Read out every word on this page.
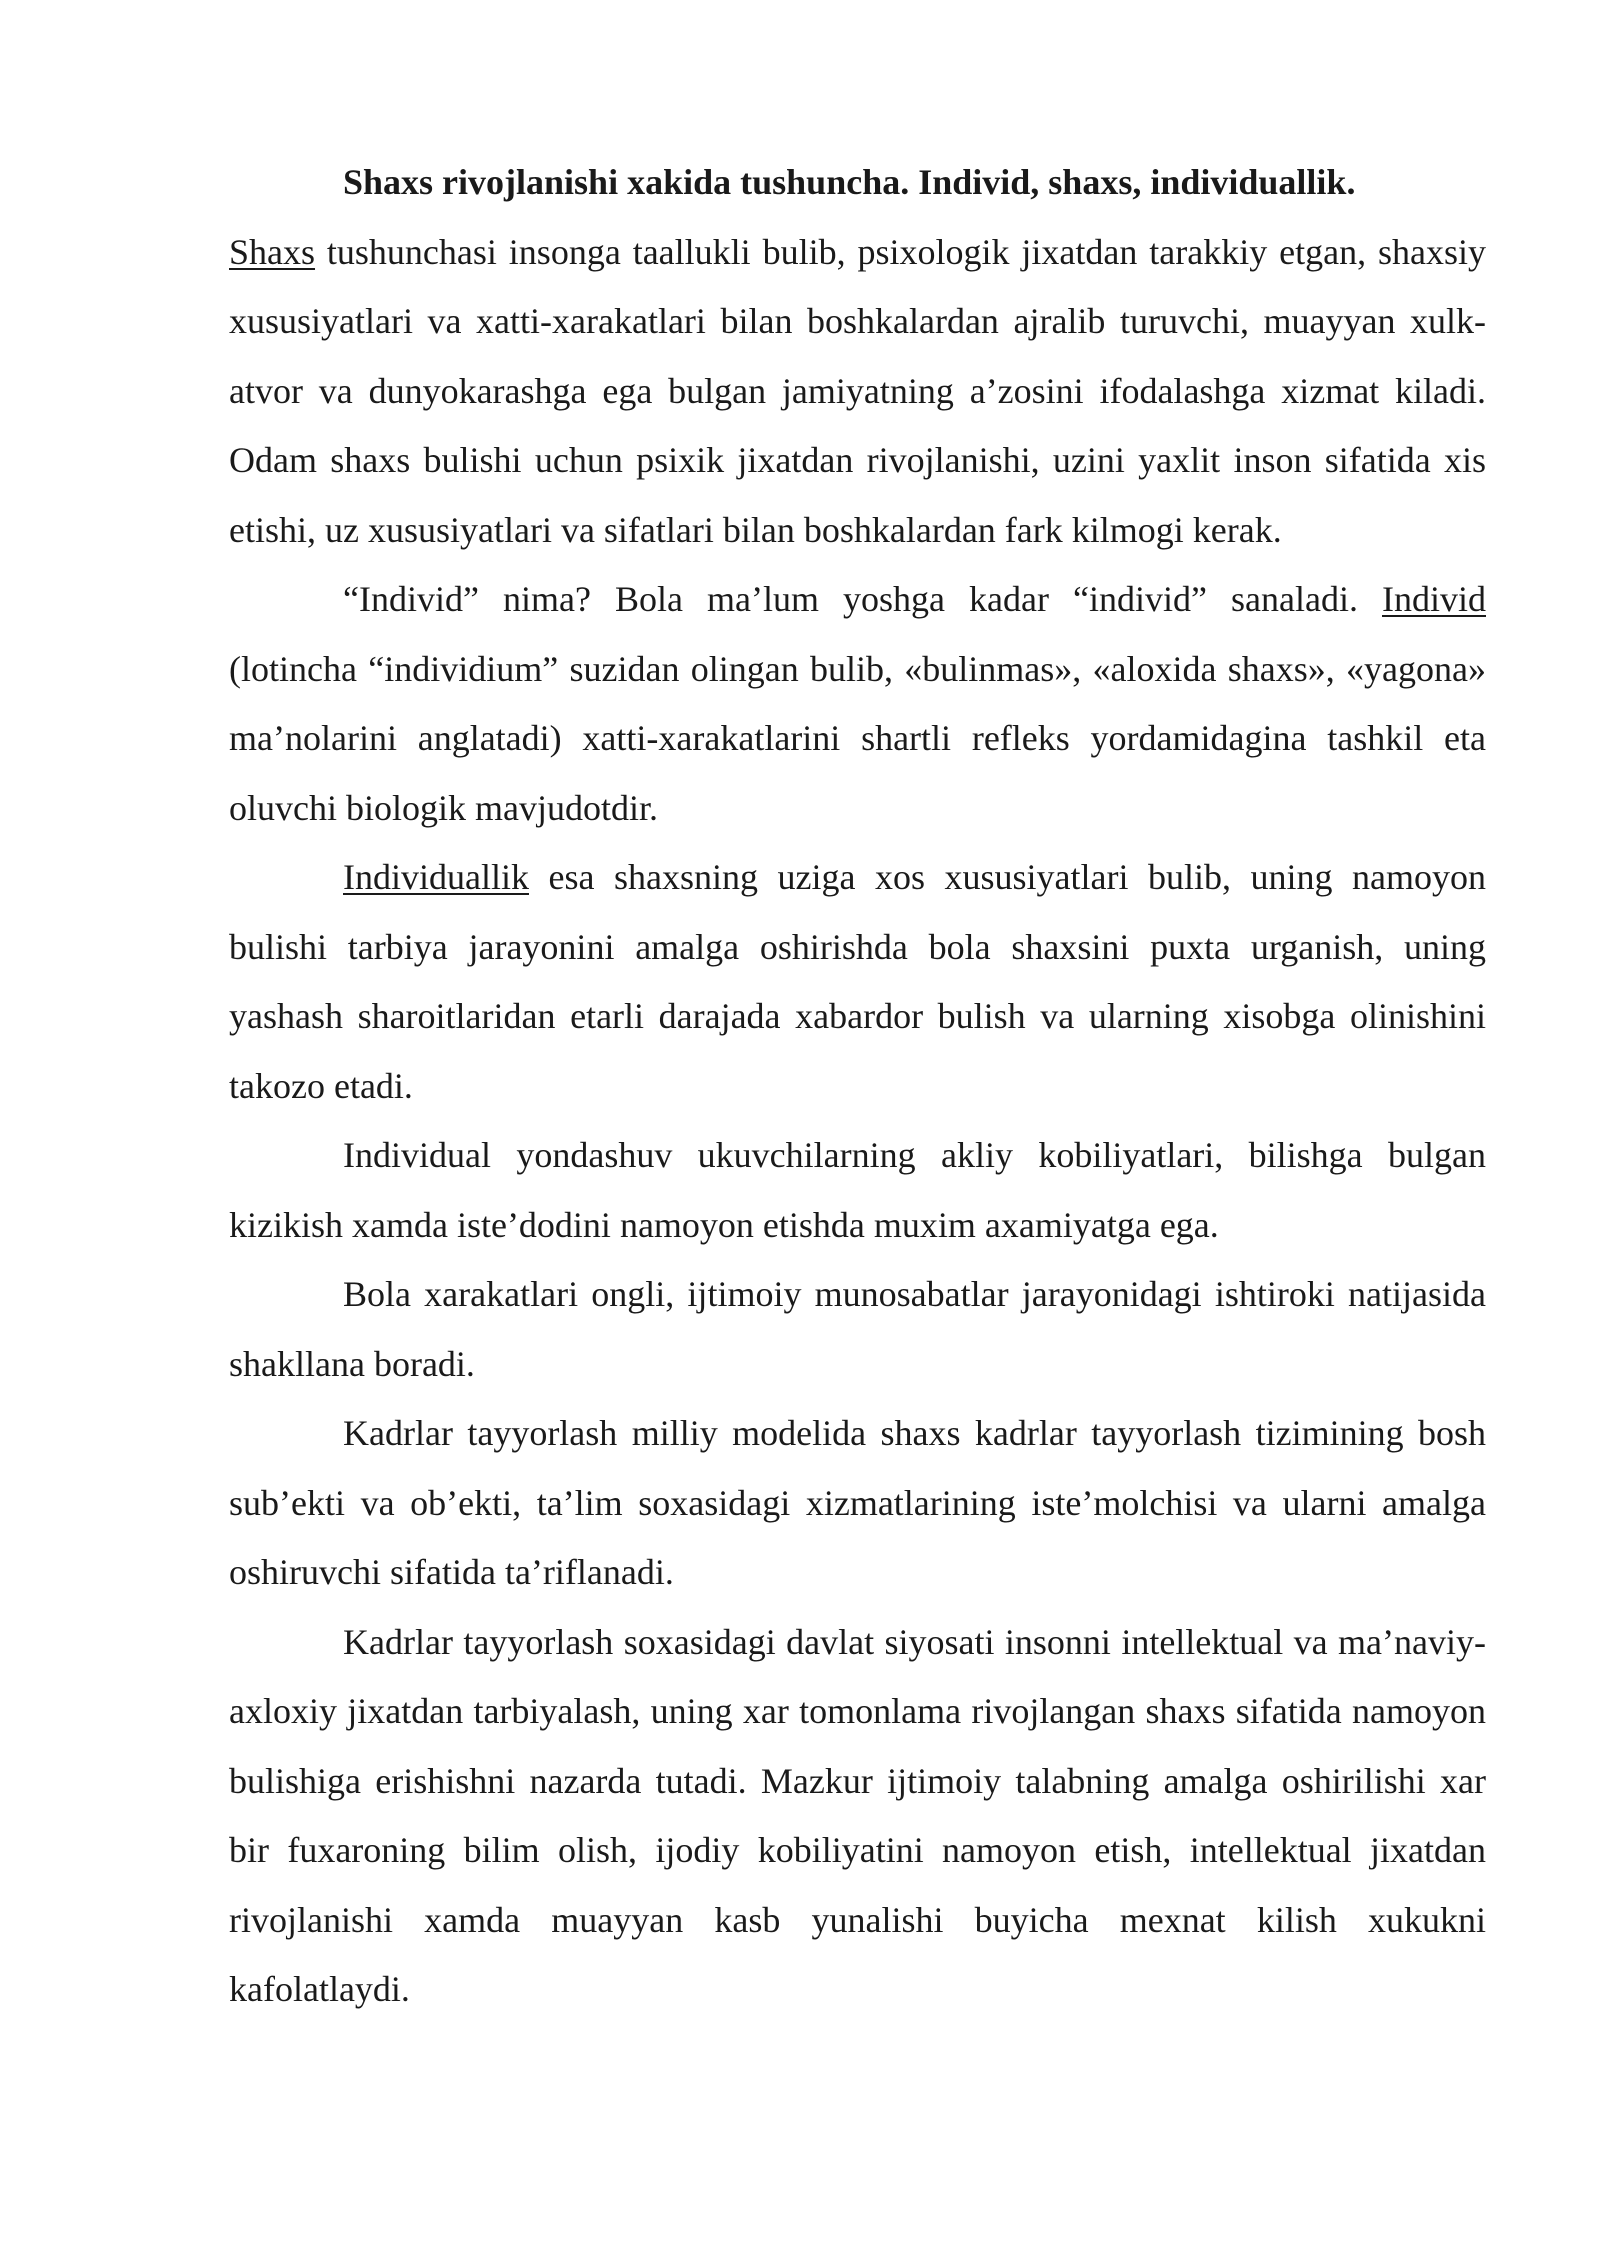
Shaxs rivojlanishi xakida tushuncha. Individ, shaxs, individuallik.

Shaxs tushunchasi insonga taallukli bulib, psixologik jixatdan tarakkiy etgan, shaxsiy xususiyatlari va xatti-xarakatlari bilan boshkalardan ajralib turuvchi, muayyan xulk-atvor va dunyokarashga ega bulgan jamiyatning a’zosini ifodalashga xizmat kiladi. Odam shaxs bulishi uchun psixik jixatdan rivojlanishi, uzini yaxlit inson sifatida xis etishi, uz xususiyatlari va sifatlari bilan boshkalardan fark kilmogi kerak.

“Individ” nima? Bola ma’lum yoshga kadar “individ” sanaladi. Individ (lotincha “individium” suzidan olingan bulib, «bulinmas», «aloxida shaxs», «yagona» ma’nolarini anglatadi) xatti-xarakatlarini shartli refleks yordamidagina tashkil eta oluvchi biologik mavjudotdir.

Individuallik esa shaxsning uziga xos xususiyatlari bulib, uning namoyon bulishi tarbiya jarayonini amalga oshirishda bola shaxsini puxta urganish, uning yashash sharoitlaridan etarli darajada xabardor bulish va ularning xisobga olinishini takozo etadi.

Individual yondashuv ukuvchilarning akliy kobiliyatlari, bilishga bulgan kizikish xamda iste’dodini namoyon etishda muxim axamiyatga ega.

Bola xarakatlari ongli, ijtimoiy munosabatlar jarayonidagi ishtiroki natijasida shakllana boradi.

Kadrlar tayyorlash milliy modelida shaxs kadrlar tayyorlash tizimining bosh sub’ekti va ob’ekti, ta’lim soxasidagi xizmatlarining iste’molchisi va ularni amalga oshiruvchi sifatida ta’riflanadi.

Kadrlar tayyorlash soxasidagi davlat siyosati insonni intellektual va ma’naviy-axloxiy jixatdan tarbiyalash, uning xar tomonlama rivojlangan shaxs sifatida namoyon bulishiga erishishni nazarda tutadi. Mazkur ijtimoiy talabning amalga oshirilishi xar bir fuxaroning bilim olish, ijodiy kobiliyatini namoyon etish, intellektual jixatdan rivojlanishi xamda muayyan kasb yunalishi buyicha mexnat kilish xukukni kafolatlaydi.
